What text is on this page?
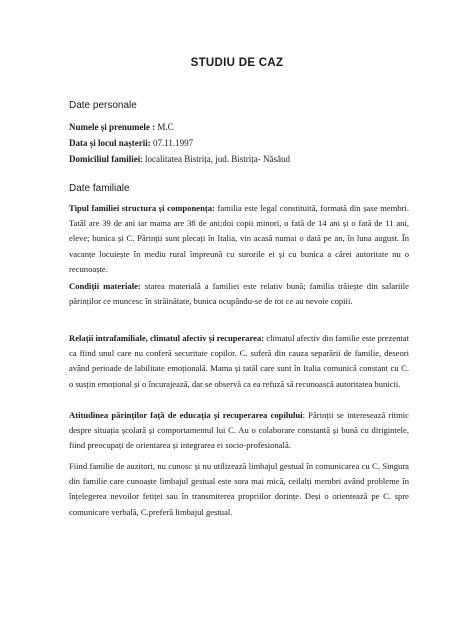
STUDIU DE CAZ
Date personale
Numele și prenumele : M.C
Data și locul nașterii: 07.11.1997
Domiciliul familiei: localitatea Bistrița, jud. Bistrița- Năsăud
Date familiale
Tipul familiei structura și componența: familia este legal constituită, formată din șase membri. Tatăl are 39 de ani iar mama are 38 de ani;doi copii minori, o fată de 14 ani și o fată de 11 ani, eleve; bunica și C. Părinții sunt plecați în Italia, vin acasă numai o dată pe an, în luna august. În vacanțe locuiește în mediu rural împreună cu surorile ei și cu bunica a cărei autoritate nu o recunoaște.
Condiții materiale: starea materială a familiei este relativ bună; familia trăiește din salariile părinților ce muncesc în străinătate, bunica ocupându-se de tot ce au nevoie copiii.
Relații intrafamiliale, climatul afectiv și recuperarea: climatul afectiv din familie este prezentat ca fiind unul care nu conferă securitate copilor. C. suferă din cauza separării de familie, deseori având perioade de labilitate emoțională. Mama și tatăl care sunt în Italia comunică constant cu C. o susțin emoțional și o încurajează, dar se observă ca ea refuză să recunoască autoritatea bunicii.
Atitudinea părinților față de educația și recuperarea copilului: Părinții se interesează ritmic despre situația școlară și comportamentul lui C. Au o colaborare constantă și bună cu dirigintele, fiind preocupați de orientarea și integrarea ei socio-profesională.
Fiind familie de auzitori, nu cunosc și nu utilizează limbajul gestual în comunicarea cu C. Singura din familie care cunoaște limbajul gestual este sora mai mică, ceilalți membri având probleme în înțelegerea nevoilor fetiței sau în transmiterea propriilor dorințe. Deși o orientează pe C. spre comunicare verbală, C.preferă limbajul gestual.
